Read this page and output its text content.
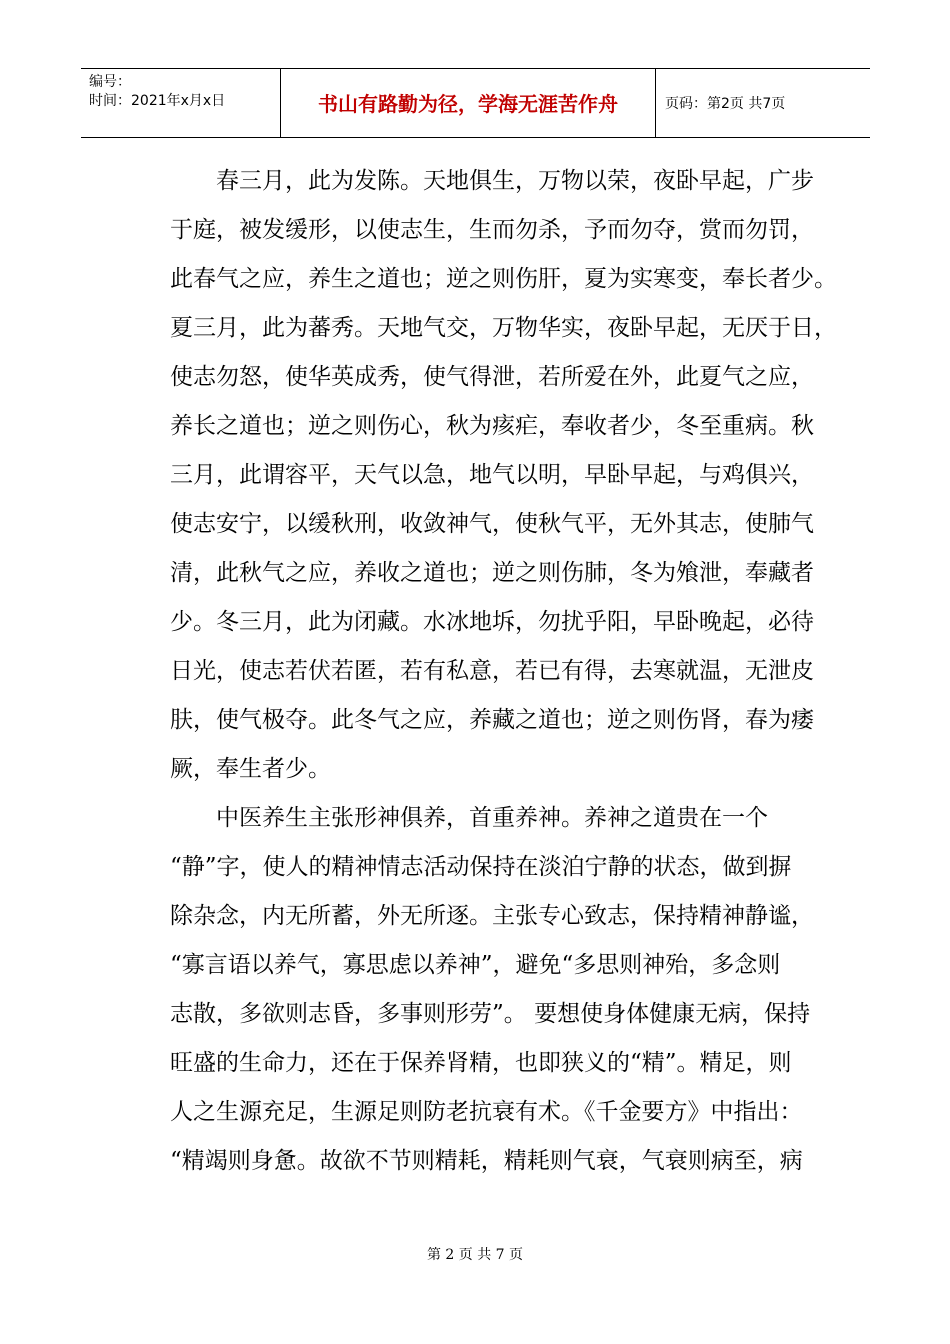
编号：
时间：2021年x月x日	书山有路勤为径，学海无涯苦作舟	页码：第2页 共7页
　　春三月，此为发陈。天地俱生，万物以荣，夜卧早起，广步
于庭，被发缓形，以使志生，生而勿杀，予而勿夺，赏而勿罚，
此春气之应，养生之道也；逆之则伤肝，夏为实寒变，奉长者少。
夏三月，此为蕃秀。天地气交，万物华实，夜卧早起，无厌于日，
使志勿怒，使华英成秀，使气得泄，若所爱在外，此夏气之应，
养长之道也；逆之则伤心，秋为痎疟，奉收者少，冬至重病。秋
三月，此谓容平，天气以急，地气以明，早卧早起，与鸡俱兴，
使志安宁，以缓秋刑，收敛神气，使秋气平，无外其志，使肺气
清，此秋气之应，养收之道也；逆之则伤肺，冬为飧泄，奉藏者
少。冬三月，此为闭藏。水冰地坼，勿扰乎阳，早卧晚起，必待
日光，使志若伏若匿，若有私意，若已有得，去寒就温，无泄皮
肤，使气极夺。此冬气之应，养藏之道也；逆之则伤肾，春为痿
厥，奉生者少。
　　中医养生主张形神俱养，首重养神。养神之道贵在一个
“静”字，使人的精神情志活动保持在淡泊宁静的状态，做到摒
除杂念，内无所蓄，外无所逐。主张专心致志，保持精神静谧，
“寡言语以养气，寡思虑以养神”，避免“多思则神殆，多念则
志散，多欲则志昏，多事则形劳”。 要想使身体健康无病，保持
旺盛的生命力，还在于保养肾精，也即狭义的“精”。精足，则
人之生源充足，生源足则防老抗衰有术。《千金要方》中指出：
“精竭则身惫。故欲不节则精耗，精耗则气衰，气衰则病至，病
第 2 页 共 7 页
